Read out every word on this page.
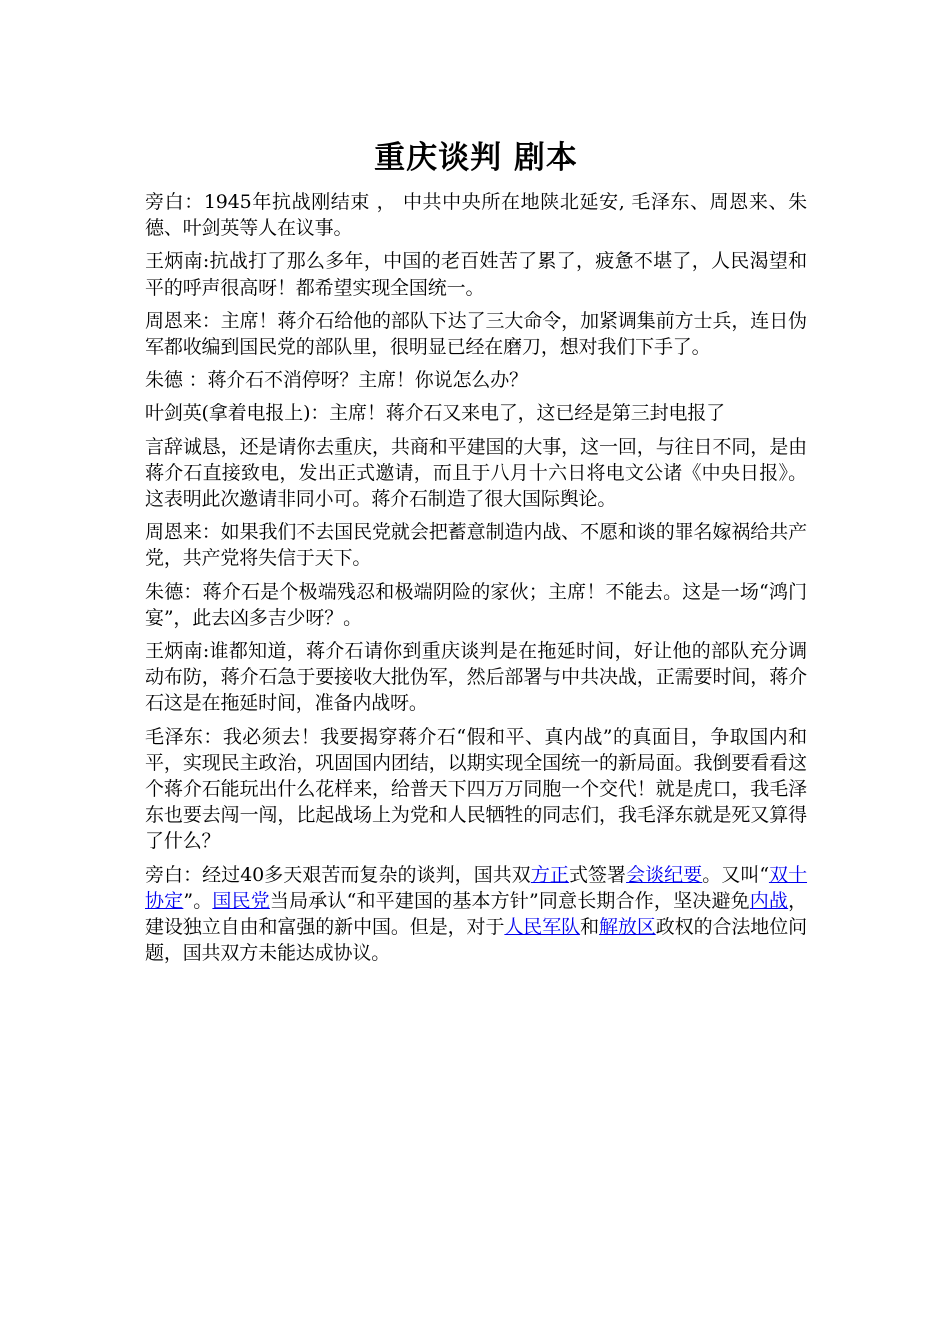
重庆谈判 剧本

旁白：1945年抗战刚结束 ， 中共中央所在地陕北延安, 毛泽东、周恩来、朱德、叶剑英等人在议事。

王炳南:抗战打了那么多年，中国的老百姓苦了累了，疲惫不堪了，人民渴望和平的呼声很高呀！都希望实现全国统一。

周恩来：主席！蒋介石给他的部队下达了三大命令，加紧调集前方士兵，连日伪军都收编到国民党的部队里，很明显已经在磨刀，想对我们下手了。

朱德 ：蒋介石不消停呀？主席！你说怎么办？

叶剑英(拿着电报上)：主席！蒋介石又来电了，这已经是第三封电报了

言辞诚恳，还是请你去重庆，共商和平建国的大事，这一回，与往日不同，是由蒋介石直接致电，发出正式邀请，而且于八月十六日将电文公诸《中央日报》。这表明此次邀请非同小可。蒋介石制造了很大国际舆论。

周恩来：如果我们不去国民党就会把蓄意制造内战、不愿和谈的罪名嫁祸给共产党，共产党将失信于天下。

朱德：蒋介石是个极端残忍和极端阴险的家伙；主席！不能去。这是一场“鸿门宴”，此去凶多吉少呀？。

王炳南:谁都知道，蒋介石请你到重庆谈判是在拖延时间，好让他的部队充分调动布防，蒋介石急于要接收大批伪军，然后部署与中共决战，正需要时间，蒋介石这是在拖延时间，准备内战呀。

毛泽东：我必须去！我要揭穿蒋介石“假和平、真内战”的真面目，争取国内和平，实现民主政治，巩固国内团结，以期实现全国统一的新局面。我倒要看看这个蒋介石能玩出什么花样来，给普天下四万万同胞一个交代！就是虎口，我毛泽东也要去闯一闯，比起战场上为党和人民牺牲的同志们，我毛泽东就是死又算得了什么？

旁白：经过40多天艰苦而复杂的谈判，国共双方正式签署会谈纪要。又叫“双十协定”。国民党当局承认“和平建国的基本方针”同意长期合作，坚决避免内战，建设独立自由和富强的新中国。但是，对于人民军队和解放区政权的合法地位问题，国共双方未能达成协议。
